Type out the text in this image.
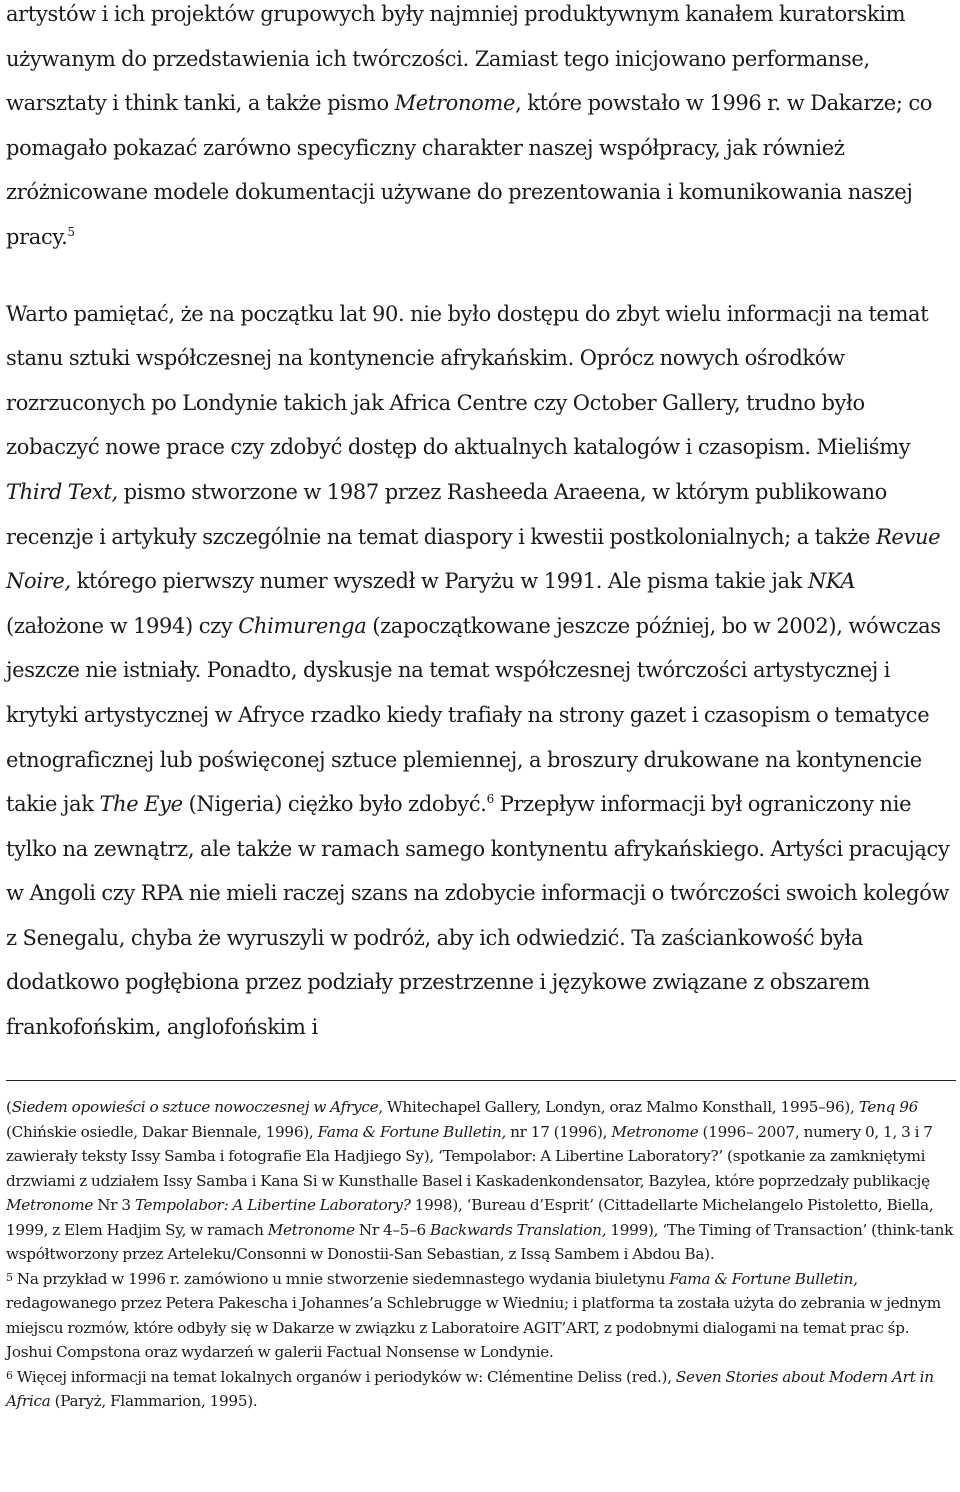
artystów i ich projektów grupowych były najmniej produktywnym kanałem kuratorskim używanym do przedstawienia ich twórczości. Zamiast tego inicjowano performanse, warsztaty i think tanki, a także pismo Metronome, które powstało w 1996 r. w Dakarze; co pomagało pokazać zarówno specyficzny charakter naszej współpracy, jak również zróżnicowane modele dokumentacji używane do prezentowania i komunikowania naszej pracy.$^5$

Warto pamiętać, że na początku lat 90. nie było dostępu do zbyt wielu informacji na temat stanu sztuki współczesnej na kontynencie afrykańskim. Oprócz nowych ośrodków rozrzuconych po Londynie takich jak Africa Centre czy October Gallery, trudno było zobaczyć nowe prace czy zdobyć dostęp do aktualnych katalogów i czasopism. Mieliśmy Third Text, pismo stworzone w 1987 przez Rasheeda Araeena, w którym publikowano recenzje i artykuły szczególnie na temat diaspory i kwestii postkolonialnych; a także Revue Noire, którego pierwszy numer wyszedł w Paryżu w 1991. Ale pisma takie jak NKA (założone w 1994) czy Chimurenga (zapoczątkowane jeszcze później, bo w 2002), wówczas jeszcze nie istniały. Ponadto, dyskusje na temat współczesnej twórczości artystycznej i krytyki artystycznej w Afryce rzadko kiedy trafiały na strony gazet i czasopism o tematyce etnograficznej lub poświęconej sztuce plemiennej, a broszury drukowane na kontynencie takie jak The Eye (Nigeria) ciężko było zdobyć.$^6$ Przepływ informacji był ograniczony nie tylko na zewnątrz, ale także w ramach samego kontynentu afrykańskiego. Artyści pracujący w Angoli czy RPA nie mieli raczej szans na zdobycie informacji o twórczości swoich kolegów z Senegalu, chyba że wyruszyli w podróż, aby ich odwiedzić. Ta zaściankowość była dodatkowo pogłębiona przez podziały przestrzenne i językowe związane z obszarem frankofońskim, anglofońskim i

(Siedem opowieści o sztuce nowoczesnej w Afryce, Whitechapel Gallery, Londyn, oraz Malmo Konsthall, 1995–96), Tenq 96 (Chińskie osiedle, Dakar Biennale, 1996), Fama & Fortune Bulletin, nr 17 (1996), Metronome (1996– 2007, numery 0, 1, 3 i 7 zawierały teksty Issy Samba i fotografie Ela Hadjiego Sy), ‘Tempolabor: A Libertine Laboratory?’ (spotkanie za zamkniętymi drzwiami z udziałem Issy Samba i Kana Si w Kunsthalle Basel i Kaskadenkondensator, Bazylea, które poprzedzały publikację Metronome Nr 3 Tempolabor: A Libertine Laboratory? 1998), ‘Bureau d’Esprit’ (Cittadellarte Michelangelo Pistoletto, Biella, 1999, z Elem Hadjim Sy, w ramach Metronome Nr 4–5–6 Backwards Translation, 1999), ‘The Timing of Transaction’ (think-tank współtworzony przez Arteleku/Consonni w Donostii-San Sebastian, z Issą Sambem i Abdou Ba).

5 Na przykład w 1996 r. zamówiono u mnie stworzenie siedemnastego wydania biuletynu Fama & Fortune Bulletin, redagowanego przez Petera Pakescha i Johannes’a Schlebrugge w Wiedniu; i platforma ta została użyta do zebrania w jednym miejscu rozmów, które odbyły się w Dakarze w związku z Laboratoire AGIT’ART, z podobnymi dialogami na temat prac śp. Joshui Compstona oraz wydarzeń w galerii Factual Nonsense w Londynie.

6 Więcej informacji na temat lokalnych organów i periodyków w: Clémentine Deliss (red.), Seven Stories about Modern Art in Africa (Paryż, Flammarion, 1995).
